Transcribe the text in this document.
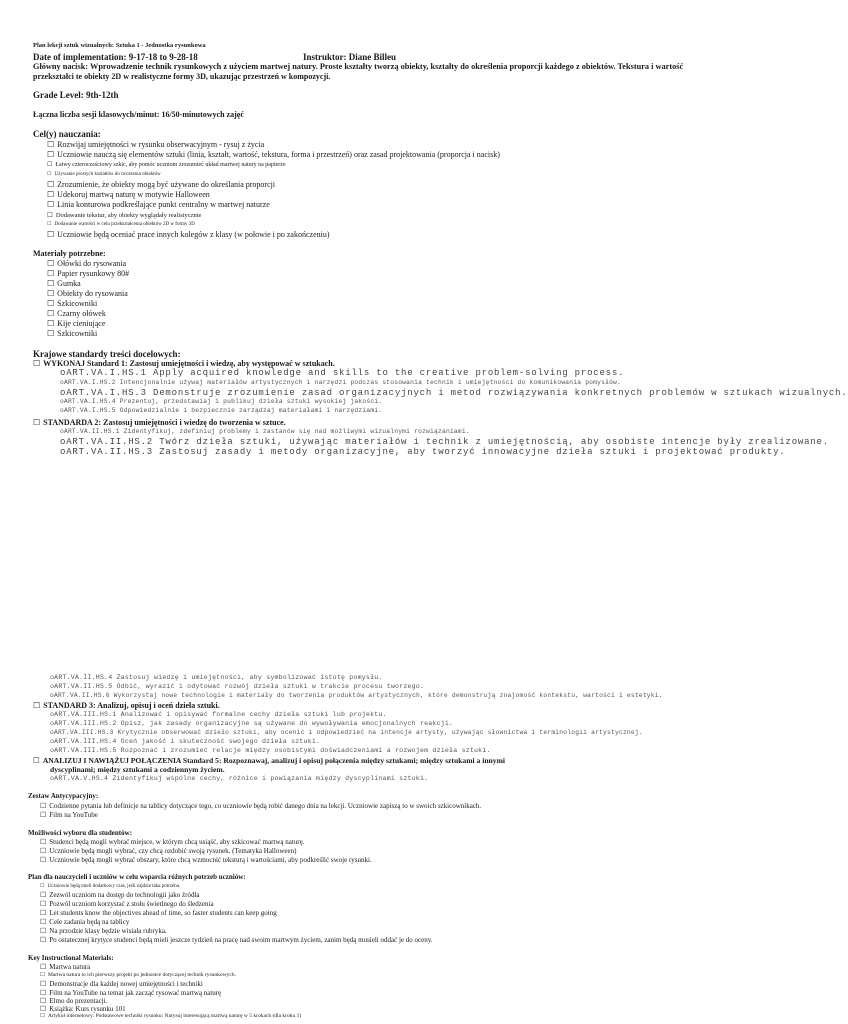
Plan lekcji sztuk wizualnych: Sztuka 1 - Jednostka rysunkowa
Date of implementation: 9-17-18 to 9-28-18	Instruktor: Diane Billeu
Główny nacisk: Wprowadzenie technik rysunkowych z użyciem martwej natury. Proste kształty tworzą obiekty, kształty do określenia proporcji każdego z obiektów. Tekstura i wartość
przekształci te obiekty 2D w realistyczne formy 3D, ukazując przestrzeń w kompozycji.
Grade Level: 9th-12th
Łączna liczba sesji klasowych/minut: 16/50-minutowych zajęć
Cel(y) nauczania:
☐ Rozwijaj umiejętności w rysunku obserwacyjnym - rysuj z życia
☐ Uczniowie nauczą się elementów sztuki (linia, kształt, wartość, tekstura, forma i przestrzeń) oraz zasad projektowania (proporcja i nacisk)
☐ Łatwy czterocześciowy szkic, aby pomóc uczniom zrozumieć układ martwej natury na papierze
☐ Używanie prostych kształtów do tworzenia obiektów
☐ Zrozumienie, że obiekty mogą być używane do określania proporcji
☐ Udekoruj martwą naturę w motywie Halloween
☐ Linia konturowa podkreślające punkt centralny w martwej naturze
☐ Dodawanie tekstur, aby obiekty wyglądały realistycznie
☐ Dodawanie wartości w celu przekształcenia obiektów 2D w formy 3D
☐ Uczniowie będą oceniać prace innych kolegów z klasy (w połowie i po zakończeniu)
Materiały potrzebne:
☐ Ołówki do rysowania
☐ Papier rysunkowy 80#
☐ Gumka
☐ Obiekty do rysowania
☐ Szkicowniki
☐ Czarny ołówek
☐ Kije cieniujące
☐ Szkicowniki
Krajowe standardy treści docelowych:
☐ WYKONAJ Standard 1: Zastosuj umiejętności i wiedzę, aby występować w sztukach.
oART.VA.I.HS.1 Apply acquired knowledge and skills to the creative problem-solving process.
oART.VA.I.HS.2 Intencjonalnie używaj materiałów artystycznych i narzędzi podczas stosowania technik i umiejętności do komunikowania pomysłów.
oART.VA.I.HS.3 Demonstruje zrozumienie zasad organizacyjnych i metod rozwiązywania konkretnych problemów w sztukach wizualnych.
oART.VA.I.HS.4 Prezentuj, przedstawiaj i publikuj dzieła sztuki wysokiej jakości.
oART.VA.I.HS.5 Odpowiedzialnie i bezpiecznie zarządzaj materiałami i narzędziami.
☐ STANDARDA 2: Zastosuj umiejętności i wiedzę do tworzenia w sztuce.
oART.VA.II.HS.1 Zidentyfikuj, zdefiniuj problemy i zastanów się nad możliwymi wizualnymi rozwiązaniami.
oART.VA.II.HS.2 Twórz dzieła sztuki, używając materiałów i technik z umiejętnością, aby osobiste intencje były zrealizowane.
oART.VA.II.HS.3 Zastosuj zasady i metody organizacyjne, aby tworzyć innowacyjne dzieła sztuki i projektować produkty.
oART.VA.II.HS.4 Zastosuj wiedzę i umiejętności, aby symbolizować istotę pomysłu.
oART.VA.II.HS.5 Odbić, wyrazić i odytować rozwój dzieła sztuki w trakcie procesu tworzego.
oART.VA.II.HS.6 Wykorzystaj nowe technologie i materiały do tworzenia produktów artystycznych, które demonstrują znajomość kontekstu, wartości i estetyki.
☐ STANDARD 3: Analizuj, opisuj i oceń dzieła sztuki.
oART.VA.III.HS.1 Analizować i opisywać formalne cechy dzieła sztuki lub projektu.
oART.VA.III.HS.2 Opisz, jak zasady organizacyjne są używane do wywoływania emocjonalnych reakcji.
oART.VA.III.HS.3 Krytycznie obserwować dzieło sztuki, aby ocenić i odpowiedzieć na intencje artysty, używając słownictwa i terminologii artystycznej.
oART.VA.III.HS.4 Oceń jakość i skuteczność swojego dzieła sztuki.
oART.VA.III.HS.5 Rozpoznać i zrozumieć relacje między osobistymi doświadczeniami a rozwojem dzieła sztuki.
☐ ANALIZUJ I NAWIĄŻUJ POŁĄCZENIA Standard 5: Rozpoznawaj, analizuj i opisuj połączenia między sztukami; między sztukami a innymi
dyscyplinami; między sztukami a codziennym życiem.
oART.VA.V.HS.4 Zidentyfikuj wspólne cechy, różnice i powiązania między dyscyplinami sztuki.
Zestaw Antycypacyjny:
☐ Codzienne pytania lub definicje na tablicy dotyczące tego, co uczniowie będą robić danego dnia na lekcji. Uczniowie zapiszą to w swoich szkicownikach.
☐ Film na YouTube
Możliwości wyboru dla studentów:
☐ Studenci będą mogli wybrać miejsce, w którym chcą usiąść, aby szkicować martwą naturę.
☐ Uczniowie będą mogli wybrać, czy chcą ozdobić swoją rysunek. (Tematyka Halloween)
☐ Uczniowie będą mogli wybrać obszary, które chcą wzmocnić teksturą i wartościami, aby podkreślić swoje rysunki.
Plan dla nauczycieli i uczniów w celu wsparcia różnych potrzeb uczniów:
☐ Uczniowie będą mieli dodatkowy czas, jeśli zajdzie taka potrzeba.
☐ Zezwól uczniom na dostęp do technologii jako źródła
☐ Pozwól uczniom korzystać z stołu świetlnego do śledzenia
☐ Let students know the objectives ahead of time, so faster students can keep going
☐ Cele zadania będą na tablicy
☐ Na przodzie klasy będzie wisiała rubryka.
☐ Po ostatecznej krytyce studenci będą mieli jeszcze tydzień na pracę nad swoim martwym życiem, zanim będą musieli oddać je do oceny.
Key Instructional Materials:
☐ Martwa natura
☐ Martwa natura to ich pierwszy projekt po jednostce dotyczącej technik rysunkowych.
☐ Demonstracje dla każdej nowej umiejętności i techniki
☐ Film na YouTube na temat jak zacząć rysować martwą naturę
☐ Elmo do prezentacji.
☐ Książka: Kurs rysunku 101
☐ Artykuł internetowy: Podstawowe techniki rysunku: Narysuj interesującą martwą naturę w 5 krokach (dla kroku 1)
